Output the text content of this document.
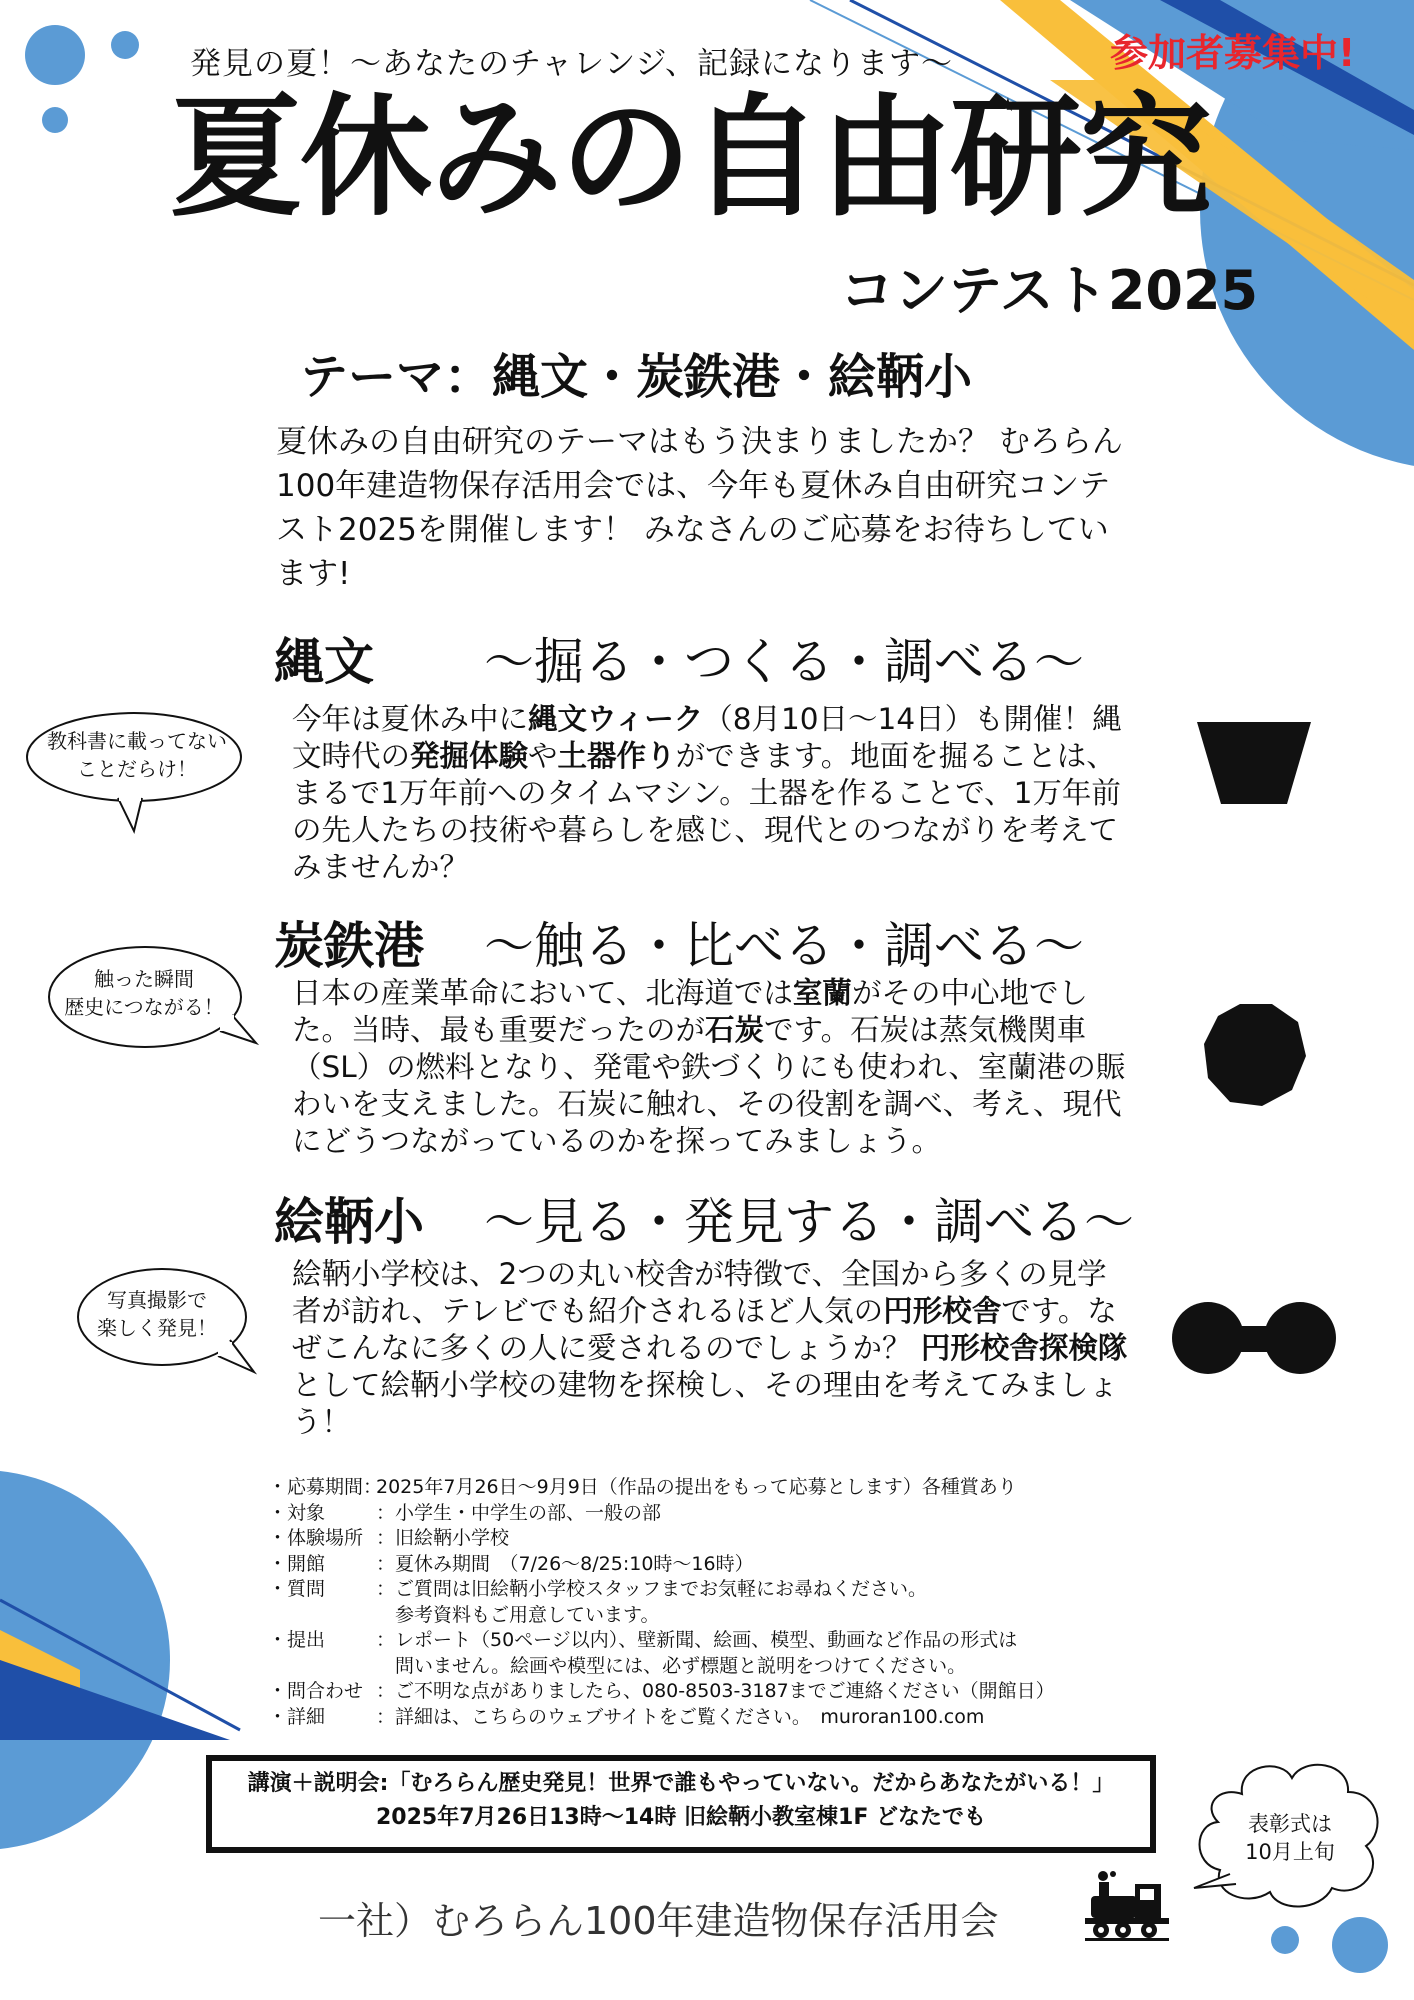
発見の夏！～あなたのチャレンジ、記録になります～	参加者募集中!
夏休みの自由研究
コンテスト2025
テーマ：縄文・炭鉄港・絵鞆小
夏休みの自由研究のテーマはもう決まりましたか？ むろらん100年建造物保存活用会では、今年も夏休み自由研究コンテスト2025を開催します！ みなさんのご応募をお待ちしています!
縄文 ～掘る・つくる・調べる～
今年は夏休み中に縄文ウィーク（8月10日～14日）も開催！縄文時代の発掘体験や土器作りができます。地面を掘ることは、まるで1万年前へのタイムマシン。土器を作ることで、1万年前の先人たちの技術や暮らしを感じ、現代とのつながりを考えてみませんか？
炭鉄港 ～触る・比べる・調べる～
日本の産業革命において、北海道では室蘭がその中心地でした。当時、最も重要だったのが石炭です。石炭は蒸気機関車（SL）の燃料となり、発電や鉄づくりにも使われ、室蘭港の賑わいを支えました。石炭に触れ、その役割を調べ、考え、現代にどうつながっているのかを探ってみましょう。
絵鞆小 ～見る・発見する・調べる～
絵鞆小学校は、2つの丸い校舎が特徴で、全国から多くの見学者が訪れ、テレビでも紹介されるほど人気の円形校舎です。なぜこんなに多くの人に愛されるのでしょうか？ 円形校舎探検隊として絵鞆小学校の建物を探検し、その理由を考えてみましょう！
教科書に載ってない
ことだらけ！
触った瞬間
歴史につながる！
写真撮影で
楽しく発見！
・応募期間：
2025年7月26日～9月9日（作品の提出をもって応募とします）各種賞あり
・対象	：小学生・中学生の部、一般の部
・体験場所 ：旧絵鞆小学校
・開館	：夏休み期間　（7/26～8/25:10時～16時）
・質問	：ご質問は旧絵鞆小学校スタッフまでお気軽にお尋ねください。
　参考資料もご用意しています。
・提出	：レポート（50ページ以内）、壁新聞、絵画、模型、動画など作品の形式は
　問いません。絵画や模型には、必ず標題と説明をつけてください。
・問合わせ ：ご不明な点がありましたら、080-8503-3187までご連絡ください（開館日）
・詳細	：詳細は、こちらのウェブサイトをご覧ください。　muroran100.com
講演＋説明会:「むろらん歴史発見！世界で誰もやっていない。だからあなたがいる！」
2025年7月26日13時～14時 旧絵鞆小教室棟1F どなたでも	表彰式は
10月上旬
一社）むろらん100年建造物保存活用会
